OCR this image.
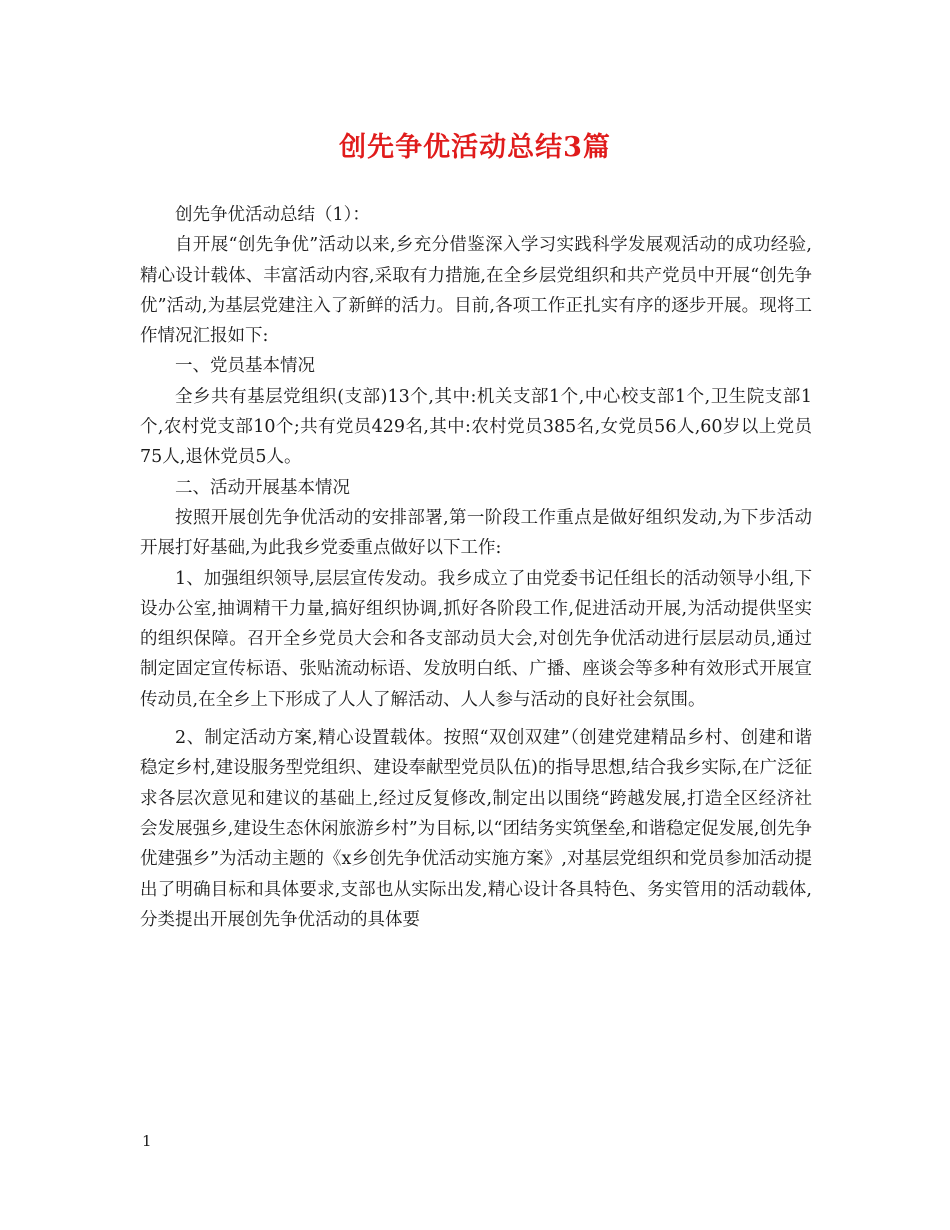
创先争优活动总结3篇

创先争优活动总结（1）：

自开展“创先争优”活动以来,乡充分借鉴深入学习实践科学发展观活动的成功经验,精心设计载体、丰富活动内容,采取有力措施,在全乡层党组织和共产党员中开展“创先争优”活动,为基层党建注入了新鲜的活力。目前,各项工作正扎实有序的逐步开展。现将工作情况汇报如下:

一、党员基本情况

全乡共有基层党组织(支部)13个,其中:机关支部1个,中心校支部1个,卫生院支部1个,农村党支部10个;共有党员429名,其中:农村党员385名,女党员56人,60岁以上党员75人,退休党员5人。

二、活动开展基本情况

按照开展创先争优活动的安排部署,第一阶段工作重点是做好组织发动,为下步活动开展打好基础,为此我乡党委重点做好以下工作:

1、加强组织领导,层层宣传发动。我乡成立了由党委书记任组长的活动领导小组,下设办公室,抽调精干力量,搞好组织协调,抓好各阶段工作,促进活动开展,为活动提供坚实的组织保障。召开全乡党员大会和各支部动员大会,对创先争优活动进行层层动员,通过制定固定宣传标语、张贴流动标语、发放明白纸、广播、座谈会等多种有效形式开展宣传动员,在全乡上下形成了人人了解活动、人人参与活动的良好社会氛围。

2、制定活动方案,精心设置载体。按照“双创双建”（创建党建精品乡村、创建和谐稳定乡村,建设服务型党组织、建设奉献型党员队伍)的指导思想,结合我乡实际,在广泛征求各层次意见和建议的基础上,经过反复修改,制定出以围绕“跨越发展,打造全区经济社会发展强乡,建设生态休闲旅游乡村”为目标,以“团结务实筑堡垒,和谐稳定促发展,创先争优建强乡”为活动主题的《x乡创先争优活动实施方案》,对基层党组织和党员参加活动提出了明确目标和具体要求,支部也从实际出发,精心设计各具特色、务实管用的活动载体,分类提出开展创先争优活动的具体要

1
